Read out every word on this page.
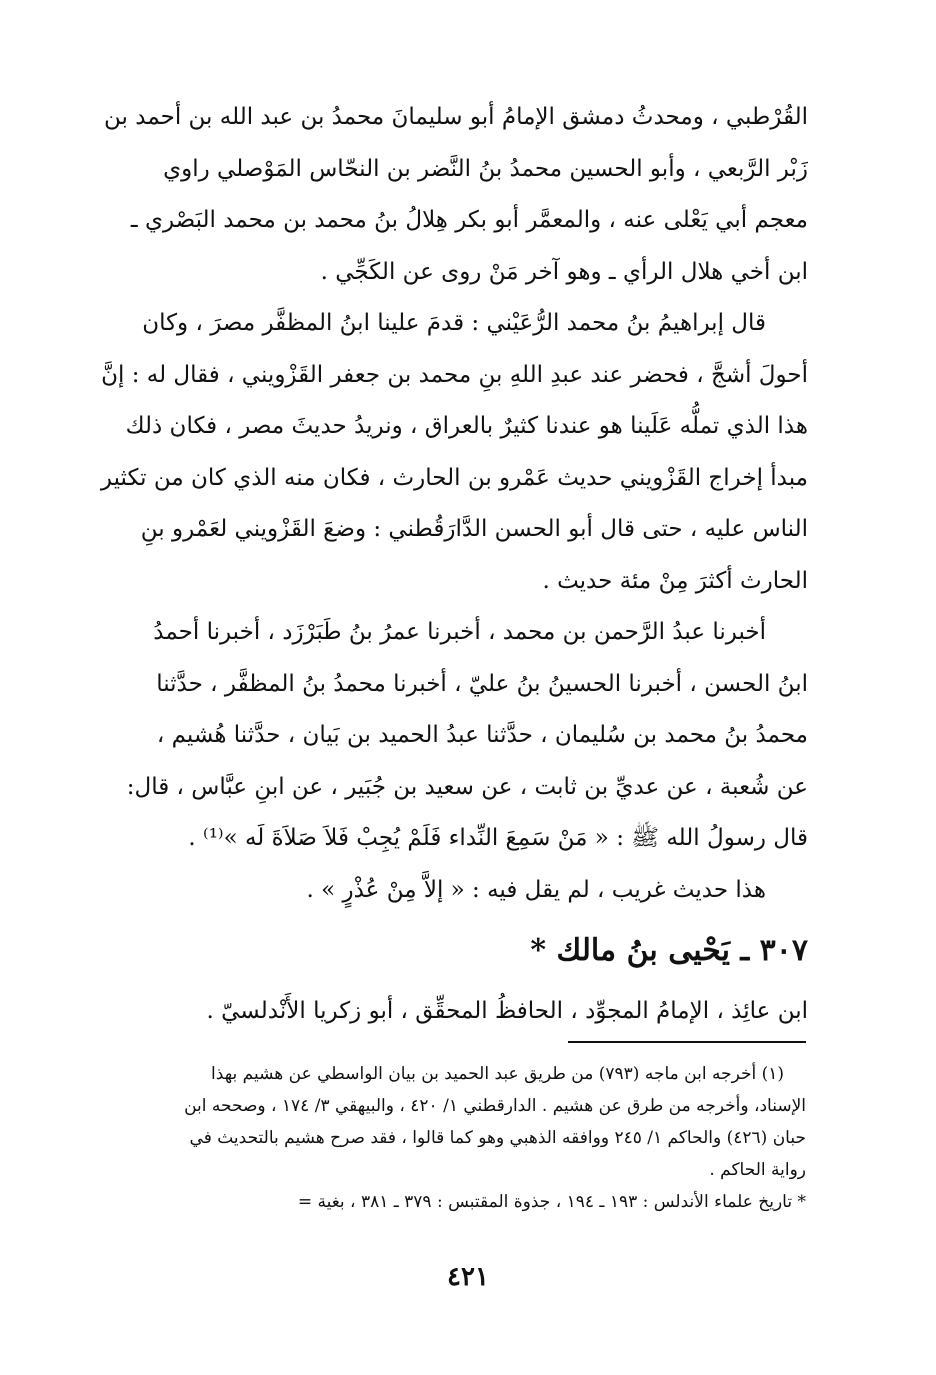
القُرْطبي ، ومحدثُ دمشق الإمامُ أبو سليمانَ محمدُ بن عبد الله بن أحمد بن
زَبْر الرَّبعي ، وأبو الحسين محمدُ بنُ النَّضر بن النحّاس المَوْصلي راوي
معجم أبي يَعْلى عنه ، والمعمَّر أبو بكر هِلالُ بنُ محمد بن محمد البَصْري ـ
ابن أخي هلال الرأي ـ وهو آخر مَنْ روى عن الكَجِّي .
قال إبراهيمُ بنُ محمد الرُّعَيْني : قدمَ علينا ابنُ المظفَّر مصرَ ، وكان
أحولَ أشجَّ ، فحضر عند عبدِ اللهِ بنِ محمد بن جعفر القَزْويني ، فقال له : إنَّ
هذا الذي تملُّه عَلَينا هو عندنا كثيرٌ بالعراق ، ونريدُ حديثَ مصر ، فكان ذلك
مبدأ إخراج القَزْويني حديث عَمْرو بن الحارث ، فكان منه الذي كان من تكثير
الناس عليه ، حتى قال أبو الحسن الدَّارَقُطني : وضعَ القَزْويني لعَمْرو بنِ
الحارث أكثرَ مِنْ مئة حديث .
أخبرنا عبدُ الرَّحمن بن محمد ، أخبرنا عمرُ بنُ طَبَرْزَد ، أخبرنا أحمدُ
ابنُ الحسن ، أخبرنا الحسينُ بنُ عليّ ، أخبرنا محمدُ بنُ المظفَّر ، حدَّثنا
محمدُ بنُ محمد بن سُليمان ، حدَّثنا عبدُ الحميد بن بَيان ، حدَّثنا هُشيم ،
عن شُعبة ، عن عديِّ بن ثابت ، عن سعيد بن جُبَير ، عن ابنِ عبَّاس ، قال:
قال رسولُ الله ﷺ : « مَنْ سَمِعَ النِّداء فَلَمْ يُجِبْ فَلاَ صَلاَةَ لَه »⁽¹⁾ .
هذا حديث غريب ، لم يقل فيه : « إلاَّ مِنْ عُذْرٍ » .
٣٠٧ ـ يَحْيى بنُ مالك *
ابن عائِذ ، الإمامُ المجوِّد ، الحافظُ المحقِّق ، أبو زكريا الأَنْدلسيّ .
(١) أخرجه ابن ماجه (٧٩٣) من طريق عبد الحميد بن بيان الواسطي عن هشيم بهذا
الإسناد، وأخرجه من طرق عن هشيم . الدارقطني ١/ ٤٢٠ ، والبيهقي ٣/ ١٧٤ ، وصححه ابن
حبان (٤٢٦) والحاكم ١/ ٢٤٥ ووافقه الذهبي وهو كما قالوا ، فقد صرح هشيم بالتحديث في
رواية الحاكم .
* تاريخ علماء الأندلس : ١٩٣ ـ ١٩٤ ، جذوة المقتبس : ٣٧٩ ـ ٣٨١ ، بغية =
٤٢١
